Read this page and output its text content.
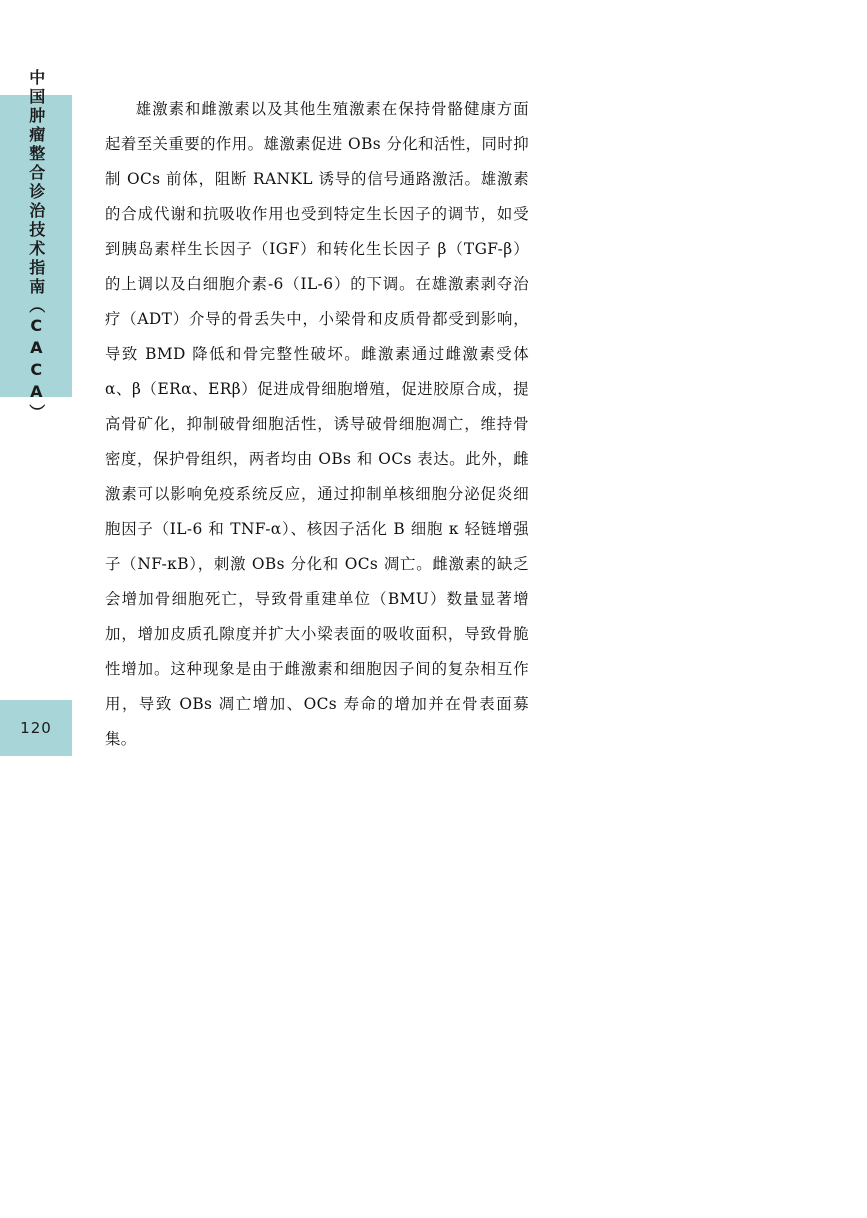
中国肿瘤整合诊治技术指南（CACA）
120

雄激素和雌激素以及其他生殖激素在保持骨骼健康方面起着至关重要的作用。雄激素促进 OBs 分化和活性，同时抑制 OCs 前体，阻断 RANKL 诱导的信号通路激活。雄激素的合成代谢和抗吸收作用也受到特定生长因子的调节，如受到胰岛素样生长因子（IGF）和转化生长因子 β（TGF-β）的上调以及白细胞介素-6（IL-6）的下调。在雄激素剥夺治疗（ADT）介导的骨丢失中，小梁骨和皮质骨都受到影响，导致 BMD 降低和骨完整性破坏。雌激素通过雌激素受体α、β（ERα、ERβ）促进成骨细胞增殖，促进胶原合成，提高骨矿化，抑制破骨细胞活性，诱导破骨细胞凋亡，维持骨密度，保护骨组织，两者均由 OBs 和 OCs 表达。此外，雌激素可以影响免疫系统反应，通过抑制单核细胞分泌促炎细胞因子（IL-6 和 TNF-α）、核因子活化 B 细胞 κ 轻链增强子（NF-κB），刺激 OBs 分化和 OCs 凋亡。雌激素的缺乏会增加骨细胞死亡，导致骨重建单位（BMU）数量显著增加，增加皮质孔隙度并扩大小梁表面的吸收面积，导致骨脆性增加。这种现象是由于雌激素和细胞因子间的复杂相互作用，导致 OBs 凋亡增加、OCs 寿命的增加并在骨表面募集。
